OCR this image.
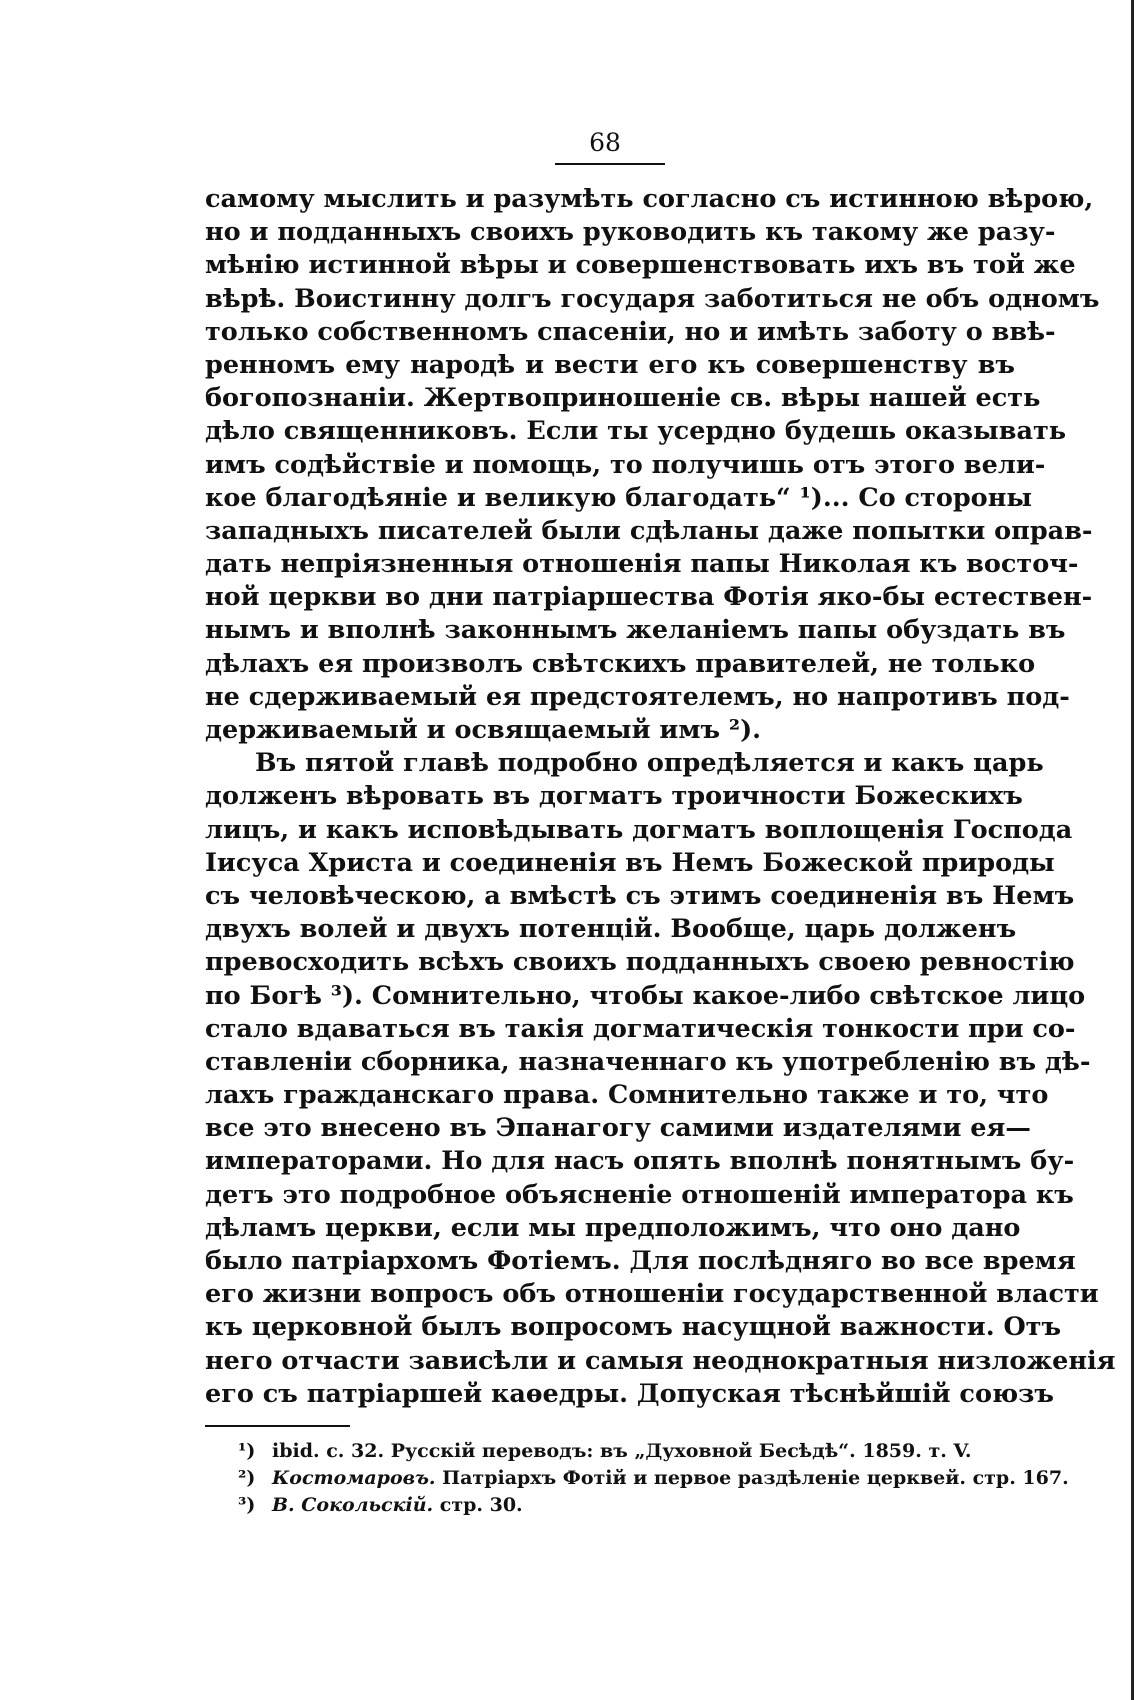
68
самому мыслить и разумѣть согласно съ истинною вѣрою,
но и подданныхъ своихъ руководить къ такому же разу-
мѣнію истинной вѣры и совершенствовать ихъ въ той же
вѣрѣ. Воистинну долгъ государя заботиться не объ одномъ
только собственномъ спасеніи, но и имѣть заботу о ввѣ-
ренномъ ему народѣ и вести его къ совершенству въ
богопознаніи. Жертвоприношеніе св. вѣры нашей есть
дѣло священниковъ. Если ты усердно будешь оказывать
имъ содѣйствіе и помощь, то получишь отъ этого вели-
кое благодѣяніе и великую благодать“ ¹)... Со стороны
западныхъ писателей были сдѣланы даже попытки оправ-
дать непріязненныя отношенія папы Николая къ восточ-
ной церкви во дни патріаршества Фотія яко-бы естествен-
нымъ и вполнѣ законнымъ желаніемъ папы обуздать въ
дѣлахъ ея произволъ свѣтскихъ правителей, не только
не сдерживаемый ея предстоятелемъ, но напротивъ под-
держиваемый и освящаемый имъ ²).
Въ пятой главѣ подробно опредѣляется и какъ царь
долженъ вѣровать въ догматъ троичности Божескихъ
лицъ, и какъ исповѣдывать догматъ воплощенія Господа
Іисуса Христа и соединенія въ Немъ Божеской природы
съ человѣческою, а вмѣстѣ съ этимъ соединенія въ Немъ
двухъ волей и двухъ потенцій. Вообще, царь долженъ
превосходить всѣхъ своихъ подданныхъ своею ревностію
по Богѣ ³). Сомнительно, чтобы какое-либо свѣтское лицо
стало вдаваться въ такія догматическія тонкости при со-
ставленіи сборника, назначеннаго къ употребленію въ дѣ-
лахъ гражданскаго права. Сомнительно также и то, что
все это внесено въ Эпанагогу самими издателями ея—
императорами. Но для насъ опять вполнѣ понятнымъ бу-
детъ это подробное объясненіе отношеній императора къ
дѣламъ церкви, если мы предположимъ, что оно дано
было патріархомъ Фотіемъ. Для послѣдняго во все время
его жизни вопросъ объ отношеніи государственной власти
къ церковной былъ вопросомъ насущной важности. Отъ
него отчасти зависѣли и самыя неоднократныя низложенія
его съ патріаршей каѳедры. Допуская тѣснѣйшій союзъ
¹) ibid. с. 32. Русскій переводъ: въ „Духовной Бесѣдѣ“. 1859. т. V.
²) Костомаровъ. Патріархъ Фотій и первое раздѣленіе церквей. стр. 167.
³) В. Сокольскій. стр. 30.
